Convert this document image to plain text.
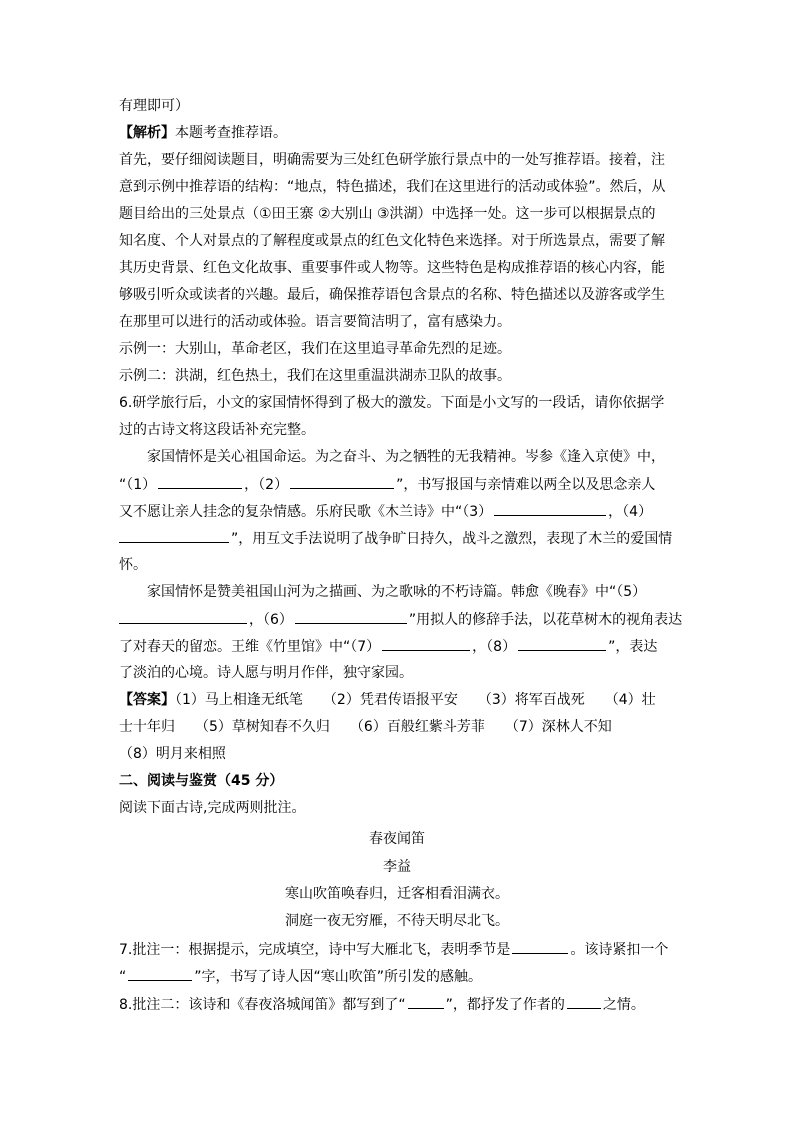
有理即可）
【解析】本题考查推荐语。
首先，要仔细阅读题目，明确需要为三处红色研学旅行景点中的一处写推荐语。接着，注
意到示例中推荐语的结构：“地点，特色描述，我们在这里进行的活动或体验”。然后，从
题目给出的三处景点（①田王寨 ②大别山 ③洪湖）中选择一处。这一步可以根据景点的
知名度、个人对景点的了解程度或景点的红色文化特色来选择。对于所选景点，需要了解
其历史背景、红色文化故事、重要事件或人物等。这些特色是构成推荐语的核心内容，能
够吸引听众或读者的兴趣。最后，确保推荐语包含景点的名称、特色描述以及游客或学生
在那里可以进行的活动或体验。语言要简洁明了，富有感染力。
示例一：大别山，革命老区，我们在这里追寻革命先烈的足迹。
示例二：洪湖，红色热土，我们在这里重温洪湖赤卫队的故事。
6.研学旅行后，小文的家国情怀得到了极大的激发。下面是小文写的一段话，请你依据学
过的古诗文将这段话补充完整。
家国情怀是关心祖国命运。为之奋斗、为之牺牲的无我精神。岑参《逢入京使》中，
“（1）	，（2）	”，书写报国与亲情难以两全以及思念亲人
又不愿让亲人挂念的复杂情感。乐府民歌《木兰诗》中“（3）	，（4）
”，用互文手法说明了战争旷日持久，战斗之激烈，表现了木兰的爱国情
怀。
家国情怀是赞美祖国山河为之描画、为之歌咏的不朽诗篇。韩愈《晚春》中“（5）
，（6）	”用拟人的修辞手法，以花草树木的视角表达
了对春天的留恋。王维《竹里馆》中“（7）	，（8）	”，表达
了淡泊的心境。诗人愿与明月作伴，独守家园。
【答案】（1）马上相逢无纸笔 （2）凭君传语报平安 （3）将军百战死 （4）壮
士十年归 （5）草树知春不久归 （6）百般红紫斗芳菲 （7）深林人不知
（8）明月来相照
二、阅读与鉴赏（45 分）
阅读下面古诗,完成两则批注。
春夜闻笛
李益
寒山吹笛唤春归，迁客相看泪满衣。
洞庭一夜无穷雁，不待天明尽北飞。
7.批注一：根据提示，完成填空，诗中写大雁北飞，表明季节是	。该诗紧扣一个
“	”字，书写了诗人因“寒山吹笛”所引发的感触。
8.批注二：该诗和《春夜洛城闻笛》都写到了“	”，都抒发了作者的	之情。
